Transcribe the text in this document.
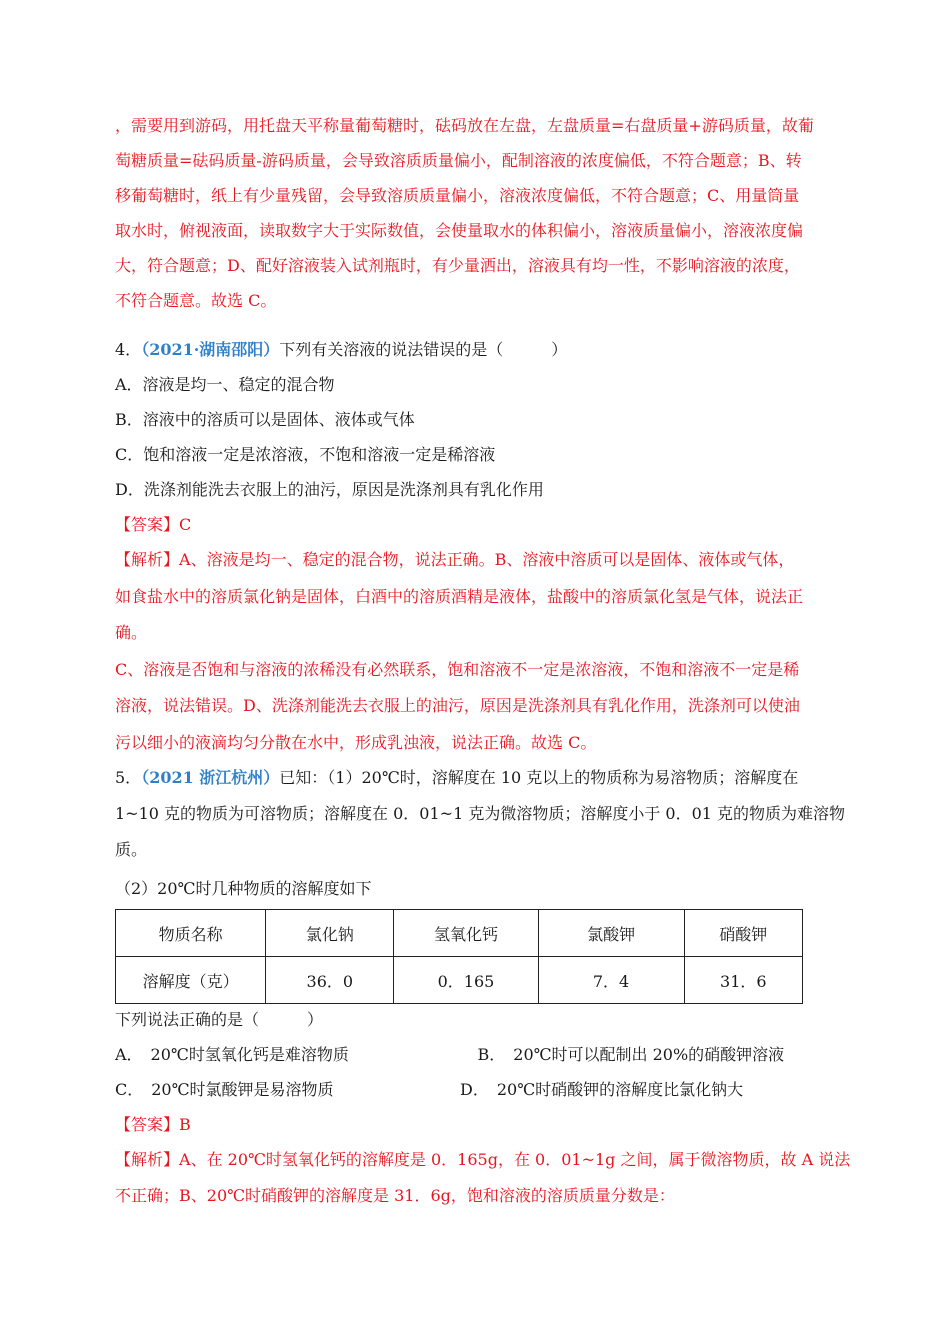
，需要用到游码，用托盘天平称量葡萄糖时，砝码放在左盘，左盘质量=右盘质量+游码质量，故葡

萄糖质量=砝码质量-游码质量，会导致溶质质量偏小，配制溶液的浓度偏低，不符合题意；B、转

移葡萄糖时，纸上有少量残留，会导致溶质质量偏小，溶液浓度偏低，不符合题意；C、用量筒量

取水时，俯视液面，读取数字大于实际数值，会使量取水的体积偏小，溶液质量偏小，溶液浓度偏

大，符合题意；D、配好溶液装入试剂瓶时，有少量洒出，溶液具有均一性，不影响溶液的浓度，

不符合题意。故选 C。

4．（2021·湖南邵阳）下列有关溶液的说法错误的是（　　　）

A．溶液是均一、稳定的混合物

B．溶液中的溶质可以是固体、液体或气体

C．饱和溶液一定是浓溶液，不饱和溶液一定是稀溶液

D．洗涤剂能洗去衣服上的油污，原因是洗涤剂具有乳化作用

【答案】C

【解析】A、溶液是均一、稳定的混合物，说法正确。B、溶液中溶质可以是固体、液体或气体，

如食盐水中的溶质氯化钠是固体，白酒中的溶质酒精是液体，盐酸中的溶质氯化氢是气体，说法正

确。

C、溶液是否饱和与溶液的浓稀没有必然联系，饱和溶液不一定是浓溶液，不饱和溶液不一定是稀

溶液，说法错误。D、洗涤剂能洗去衣服上的油污，原因是洗涤剂具有乳化作用，洗涤剂可以使油

污以细小的液滴均匀分散在水中，形成乳浊液，说法正确。故选 C。

5．（2021 浙江杭州）已知：（1）20℃时，溶解度在 10 克以上的物质称为易溶物质；溶解度在

1~10 克的物质为可溶物质；溶解度在 0．01~1 克为微溶物质；溶解度小于 0．01 克的物质为难溶物

质。

（2）20℃时几种物质的溶解度如下

物质名称	氯化钠	氢氧化钙	氯酸钾	硝酸钾
溶解度（克）	36．0	0．165	7．4	31．6

下列说法正确的是（　　　）

A．　20℃时氢氧化钙是难溶物质	B．　20℃时可以配制出 20%的硝酸钾溶液
C．　20℃时氯酸钾是易溶物质	D．　20℃时硝酸钾的溶解度比氯化钠大

【答案】B

【解析】A、在 20℃时氢氧化钙的溶解度是 0．165g，在 0．01~1g 之间，属于微溶物质，故 A 说法

不正确；B、20℃时硝酸钾的溶解度是 31．6g，饱和溶液的溶质质量分数是：
